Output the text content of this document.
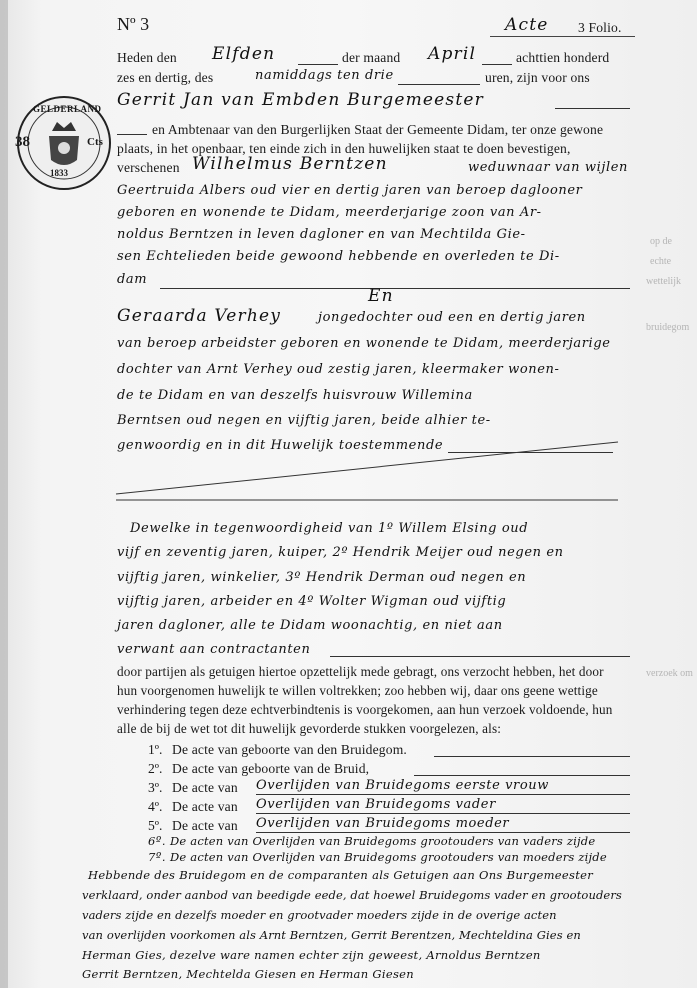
op de
echte
wettelijk
bruidegom
verzoek om
Nº 3	Acte 3 Folio.
GELDERLAND
38	Cts
1833
Heden den Elfden	der maand April	achttien honderd
zes en dertig, des	namiddags ten drie	uren, zijn voor ons
Gerrit Jan van Embden Burgemeester
en Ambtenaar van den Burgerlijken Staat der Gemeente Didam, ter onze gewone
plaats, in het openbaar, ten einde zich in den huwelijken staat te doen bevestigen,
verschenen Wilhelmus Berntzen	weduwnaar van wijlen
Geertruida Albers oud vier en dertig jaren van beroep daglooner
geboren en wonende te Didam, meerderjarige zoon van Ar-
noldus Berntzen in leven dagloner en van Mechtilda Gie-
sen Echtelieden beide gewoond hebbende en overleden te Di-
dam
En
Geraarda Verhey	jongedochter oud een en dertig jaren
van beroep arbeidster geboren en wonende te Didam, meerderjarige
dochter van Arnt Verhey oud zestig jaren, kleermaker wonen-
de te Didam en van deszelfs huisvrouw Willemina
Berntsen oud negen en vijftig jaren, beide alhier te-
genwoordig en in dit Huwelijk toestemmende
Dewelke in tegenwoordigheid van 1º Willem Elsing oud
vijf en zeventig jaren, kuiper, 2º Hendrik Meijer oud negen en
vijftig jaren, winkelier, 3º Hendrik Derman oud negen en
vijftig jaren, arbeider en 4º Wolter Wigman oud vijftig
jaren dagloner, alle te Didam woonachtig, en niet aan
verwant aan contractanten
door partijen als getuigen hiertoe opzettelijk mede gebragt, ons verzocht hebben, het door
hun voorgenomen huwelijk te willen voltrekken; zoo hebben wij, daar ons geene wettige
verhindering tegen deze echtverbindtenis is voorgekomen, aan hun verzoek voldoende, hun
alle de bij de wet tot dit huwelijk gevorderde stukken voorgelezen, als:
1º. De acte van geboorte van den Bruidegom.
2º. De acte van geboorte van de Bruid,
3º. De acte van Overlijden van Bruidegoms eerste vrouw
4º. De acte van Overlijden van Bruidegoms vader
5º. De acte van Overlijden van Bruidegoms moeder
6º. De acten van Overlijden van Bruidegoms grootouders van vaders zijde
7º. De acten van Overlijden van Bruidegoms grootouders van moeders zijde
Hebbende des Bruidegom en de comparanten als Getuigen aan Ons Burgemeester
verklaard, onder aanbod van beedigde eede, dat hoewel Bruidegoms vader en grootouders
vaders zijde en dezelfs moeder en grootvader moeders zijde in de overige acten
van overlijden voorkomen als Arnt Berntzen, Gerrit Berentzen, Mechteldina Gies en
Herman Gies, dezelve ware namen echter zijn geweest, Arnoldus Berntzen
Gerrit Berntzen, Mechtelda Giesen en Herman Giesen
